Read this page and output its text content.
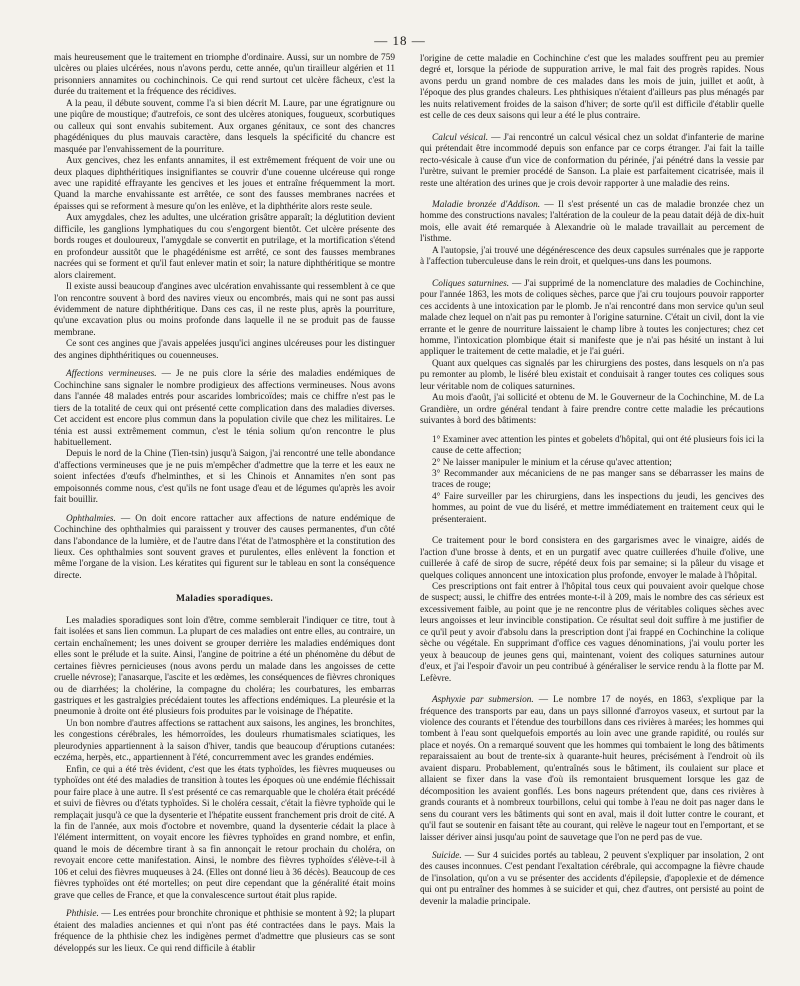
— 18 —

mais heureusement que le traitement en triomphe d'ordinaire. Aussi, sur un nombre de 759 ulcères ou plaies ulcérées, nous n'avons perdu, cette année, qu'un tirailleur algérien et 11 prisonniers annamites ou cochinchinois. Ce qui rend surtout cet ulcère fâcheux, c'est la durée du traitement et la fréquence des récidives.

A la peau, il débute souvent, comme l'a si bien décrit M. Laure, par une égratignure ou une piqûre de moustique; d'autrefois, ce sont des ulcères atoniques, fougueux, scorbutiques ou calleux qui sont envahis subitement. Aux organes génitaux, ce sont des chancres phagédéniques du plus mauvais caractère, dans lesquels la spécificité du chancre est masquée par l'envahissement de la pourriture.

Aux gencives, chez les enfants annamites, il est extrêmement fréquent de voir une ou deux plaques diphthéritiques insignifiantes se couvrir d'une couenne ulcéreuse qui ronge avec une rapidité effrayante les gencives et les joues et entraîne fréquemment la mort. Quand la marche envahissante est arrêtée, ce sont des fausses membranes nacrées et épaisses qui se reforment à mesure qu'on les enlève, et la diphthérite alors reste seule.

Aux amygdales, chez les adultes, une ulcération grisâtre apparaît; la déglutition devient difficile, les ganglions lymphatiques du cou s'engorgent bientôt. Cet ulcère présente des bords rouges et douloureux, l'amygdale se convertit en putrilage, et la mortification s'étend en profondeur aussitôt que le phagédénisme est arrêté, ce sont des fausses membranes nacrées qui se forment et qu'il faut enlever matin et soir; la nature diphthéritique se montre alors clairement.

Il existe aussi beaucoup d'angines avec ulcération envahissante qui ressemblent à ce que l'on rencontre souvent à bord des navires vieux ou encombrés, mais qui ne sont pas aussi évidemment de nature diphthéritique. Dans ces cas, il ne reste plus, après la pourriture, qu'une excavation plus ou moins profonde dans laquelle il ne se produit pas de fausse membrane.

Ce sont ces angines que j'avais appelées jusqu'ici angines ulcéreuses pour les distinguer des angines diphthéritiques ou couenneuses.

Affections vermineuses. — Je ne puis clore la série des maladies endémiques de Cochinchine sans signaler le nombre prodigieux des affections vermineuses. Nous avons dans l'année 48 malades entrés pour ascarides lombricoïdes; mais ce chiffre n'est pas le tiers de la totalité de ceux qui ont présenté cette complication dans des maladies diverses. Cet accident est encore plus commun dans la population civile que chez les militaires. Le ténia est aussi extrêmement commun, c'est le ténia solium qu'on rencontre le plus habituellement.

Depuis le nord de la Chine (Tien-tsin) jusqu'à Saigon, j'ai rencontré une telle abondance d'affections vermineuses que je ne puis m'empêcher d'admettre que la terre et les eaux ne soient infectées d'œufs d'helminthes, et si les Chinois et Annamites n'en sont pas empoisonnés comme nous, c'est qu'ils ne font usage d'eau et de légumes qu'après les avoir fait bouillir.

Ophthalmies. — On doit encore rattacher aux affections de nature endémique de Cochinchine des ophthalmies qui paraissent y trouver des causes permanentes, d'un côté dans l'abondance de la lumière, et de l'autre dans l'état de l'atmosphère et la constitution des lieux. Ces ophthalmies sont souvent graves et purulentes, elles enlèvent la fonction et même l'organe de la vision. Les kératites qui figurent sur le tableau en sont la conséquence directe.

Maladies sporadiques.

Les maladies sporadiques sont loin d'être, comme semblerait l'indiquer ce titre, tout à fait isolées et sans lien commun. La plupart de ces maladies ont entre elles, au contraire, un certain enchaînement; les unes doivent se grouper derrière les maladies endémiques dont elles sont le prélude et la suite. Ainsi, l'angine de poitrine a été un phénomène du début de certaines fièvres pernicieuses (nous avons perdu un malade dans les angoisses de cette cruelle névrose); l'anasarque, l'ascite et les œdèmes, les conséquences de fièvres chroniques ou de diarrhées; la cholérine, la compagne du choléra; les courbatures, les embarras gastriques et les gastralgies précédaient toutes les affections endémiques. La pleurésie et la pneumonie à droite ont été plusieurs fois produites par le voisinage de l'hépatite.

Un bon nombre d'autres affections se rattachent aux saisons, les angines, les bronchites, les congestions cérébrales, les hémorroïdes, les douleurs rhumatismales sciatiques, les pleurodynies appartiennent à la saison d'hiver, tandis que beaucoup d'éruptions cutanées: eczéma, herpès, etc., appartiennent à l'été, concurremment avec les grandes endémies.

Enfin, ce qui a été très évident, c'est que les états typhoïdes, les fièvres muqueuses ou typhoïdes ont été des maladies de transition à toutes les époques où une endémie fléchissait pour faire place à une autre. Il s'est présenté ce cas remarquable que le choléra était précédé et suivi de fièvres ou d'états typhoïdes. Si le choléra cessait, c'était la fièvre typhoïde qui le remplaçait jusqu'à ce que la dysenterie et l'hépatite eussent franchement pris droit de cité. A la fin de l'année, aux mois d'octobre et novembre, quand la dysenterie cédait la place à l'élément intermittent, on voyait encore les fièvres typhoïdes en grand nombre, et enfin, quand le mois de décembre tirant à sa fin annonçait le retour prochain du choléra, on revoyait encore cette manifestation. Ainsi, le nombre des fièvres typhoïdes s'élève-t-il à 106 et celui des fièvres muqueuses à 24. (Elles ont donné lieu à 36 décès). Beaucoup de ces fièvres typhoïdes ont été mortelles; on peut dire cependant que la généralité était moins grave que celles de France, et que la convalescence surtout était plus rapide.

Phthisie. — Les entrées pour bronchite chronique et phthisie se montent à 92; la plupart étaient des maladies anciennes et qui n'ont pas été contractées dans le pays. Mais la fréquence de la phthisie chez les indigènes permet d'admettre que plusieurs cas se sont développés sur les lieux. Ce qui rend difficile à établir

l'origine de cette maladie en Cochinchine c'est que les malades souffrent peu au premier degré et, lorsque la période de suppuration arrive, le mal fait des progrès rapides. Nous avons perdu un grand nombre de ces malades dans les mois de juin, juillet et août, à l'époque des plus grandes chaleurs. Les phthisiques n'étaient d'ailleurs pas plus ménagés par les nuits relativement froides de la saison d'hiver; de sorte qu'il est difficile d'établir quelle est celle de ces deux saisons qui leur a été le plus contraire.

Calcul vésical. — J'ai rencontré un calcul vésical chez un soldat d'infanterie de marine qui prétendait être incommodé depuis son enfance par ce corps étranger. J'ai fait la taille recto-vésicale à cause d'un vice de conformation du périnée, j'ai pénétré dans la vessie par l'urètre, suivant le premier procédé de Sanson. La plaie est parfaitement cicatrisée, mais il reste une altération des urines que je crois devoir rapporter à une maladie des reins.

Maladie bronzée d'Addison. — Il s'est présenté un cas de maladie bronzée chez un homme des constructions navales; l'altération de la couleur de la peau datait déjà de dix-huit mois, elle avait été remarquée à Alexandrie où le malade travaillait au percement de l'isthme.

A l'autopsie, j'ai trouvé une dégénérescence des deux capsules surrénales que je rapporte à l'affection tuberculeuse dans le rein droit, et quelques-uns dans les poumons.

Coliques saturnines. — J'ai supprimé de la nomenclature des maladies de Cochinchine, pour l'année 1863, les mots de coliques sèches, parce que j'ai cru toujours pouvoir rapporter ces accidents à une intoxication par le plomb. Je n'ai rencontré dans mon service qu'un seul malade chez lequel on n'ait pas pu remonter à l'origine saturnine. C'était un civil, dont la vie errante et le genre de nourriture laissaient le champ libre à toutes les conjectures; chez cet homme, l'intoxication plombique était si manifeste que je n'ai pas hésité un instant à lui appliquer le traitement de cette maladie, et je l'ai guéri.

Quant aux quelques cas signalés par les chirurgiens des postes, dans lesquels on n'a pas pu remonter au plomb, le liséré bleu existait et conduisait à ranger toutes ces coliques sous leur véritable nom de coliques saturnines.

Au mois d'août, j'ai sollicité et obtenu de M. le Gouverneur de la Cochinchine, M. de La Grandière, un ordre général tendant à faire prendre contre cette maladie les précautions suivantes à bord des bâtiments:

1° Examiner avec attention les pintes et gobelets d'hôpital, qui ont été plusieurs fois ici la cause de cette affection;

2° Ne laisser manipuler le minium et la céruse qu'avec attention;

3° Recommander aux mécaniciens de ne pas manger sans se débarrasser les mains de traces de rouge;

4° Faire surveiller par les chirurgiens, dans les inspections du jeudi, les gencives des hommes, au point de vue du liséré, et mettre immédiatement en traitement ceux qui le présenteraient.

Ce traitement pour le bord consistera en des gargarismes avec le vinaigre, aidés de l'action d'une brosse à dents, et en un purgatif avec quatre cuillerées d'huile d'olive, une cuillerée à café de sirop de sucre, répété deux fois par semaine; si la pâleur du visage et quelques coliques annoncent une intoxication plus profonde, envoyer le malade à l'hôpital.

Ces prescriptions ont fait entrer à l'hôpital tous ceux qui pouvaient avoir quelque chose de suspect; aussi, le chiffre des entrées monte-t-il à 209, mais le nombre des cas sérieux est excessivement faible, au point que je ne rencontre plus de véritables coliques sèches avec leurs angoisses et leur invincible constipation. Ce résultat seul doit suffire à me justifier de ce qu'il peut y avoir d'absolu dans la prescription dont j'ai frappé en Cochinchine la colique sèche ou végétale. En supprimant d'office ces vagues dénominations, j'ai voulu porter les yeux à beaucoup de jeunes gens qui, maintenant, voient des coliques saturnines autour d'eux, et j'ai l'espoir d'avoir un peu contribué à généraliser le service rendu à la flotte par M. Lefèvre.

Asphyxie par submersion. — Le nombre 17 de noyés, en 1863, s'explique par la fréquence des transports par eau, dans un pays sillonné d'arroyos vaseux, et surtout par la violence des courants et l'étendue des tourbillons dans ces rivières à marées; les hommes qui tombent à l'eau sont quelquefois emportés au loin avec une grande rapidité, ou roulés sur place et noyés. On a remarqué souvent que les hommes qui tombaient le long des bâtiments reparaissaient au bout de trente-six à quarante-huit heures, précisément à l'endroit où ils avaient disparu. Probablement, qu'entraînés sous le bâtiment, ils coulaient sur place et allaient se fixer dans la vase d'où ils remontaient brusquement lorsque les gaz de décomposition les avaient gonflés. Les bons nageurs prétendent que, dans ces rivières à grands courants et à nombreux tourbillons, celui qui tombe à l'eau ne doit pas nager dans le sens du courant vers les bâtiments qui sont en aval, mais il doit lutter contre le courant, et qu'il faut se soutenir en faisant tête au courant, qui relève le nageur tout en l'emportant, et se laisser dériver ainsi jusqu'au point de sauvetage que l'on ne perd pas de vue.

Suicide. — Sur 4 suicides portés au tableau, 2 peuvent s'expliquer par insolation, 2 ont des causes inconnues. C'est pendant l'exaltation cérébrale, qui accompagne la fièvre chaude de l'insolation, qu'on a vu se présenter des accidents d'épilepsie, d'apoplexie et de démence qui ont pu entraîner des hommes à se suicider et qui, chez d'autres, ont persisté au point de devenir la maladie principale.
